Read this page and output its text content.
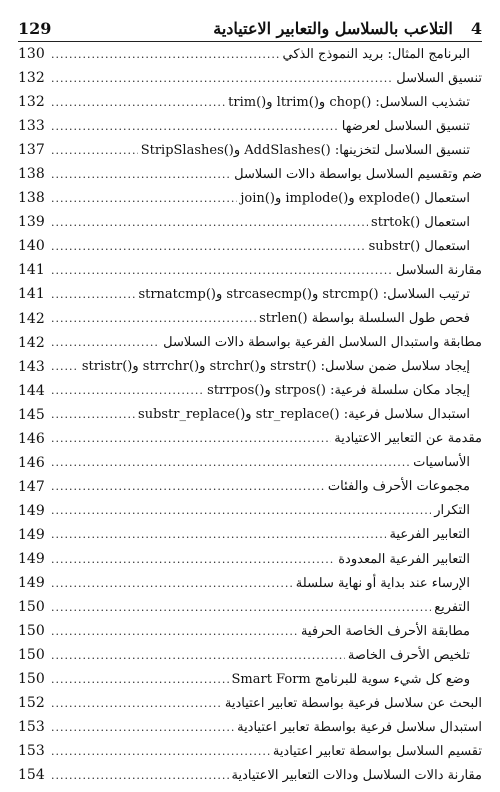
129	4
التلاعب بالسلاسل والتعابير الاعتيادية
البرنامج المثال: بريد النموذج الذكي
.....
130
تنسيق السلاسل
.....
132
تشذيب السلاسل: ()chop و()ltrim و()trim
.....
132
تنسيق السلاسل لعرضها
.....
133
تنسيق السلاسل لتخزينها: ()AddSlashes و()StripSlashes
.....
137
ضم وتقسيم السلاسل بواسطة دالات السلاسل
.....
138
استعمال ()explode و()implode و()join
.....
138
استعمال ()strtok
.....
139
استعمال ()substr
.....
140
مقارنة السلاسل
.....
141
ترتيب السلاسل: ()strcmp و()strcasecmp و()strnatcmp
.....
141
فحص طول السلسلة بواسطة ()strlen
.....
142
مطابقة واستبدال السلاسل الفرعية بواسطة دالات السلاسل
.....
142
إيجاد سلاسل ضمن سلاسل: ()strstr و()strchr و()strrchr و()stristr
.....
143
إيجاد مكان سلسلة فرعية: ()strpos و()strrpos
.....
144
استبدال سلاسل فرعية: ()str_replace و()substr_replace
.....
145
مقدمة عن التعابير الاعتيادية
.....
146
الأساسيات
.....
146
مجموعات الأحرف والفئات
.....
147
التكرار
.....
149
التعابير الفرعية
.....
149
التعابير الفرعية المعدودة
.....
149
الإرساء عند بداية أو نهاية سلسلة
.....
149
التفريع
.....
150
مطابقة الأحرف الخاصة الحرفية
.....
150
تلخيص الأحرف الخاصة
.....
150
وضع كل شيء سوية للبرنامج Smart Form
.....
150
البحث عن سلاسل فرعية بواسطة تعابير اعتيادية
.....
152
استبدال سلاسل فرعية بواسطة تعابير اعتيادية
.....
153
تقسيم السلاسل بواسطة تعابير اعتيادية
.....
153
مقارنة دالات السلاسل ودالات التعابير الاعتيادية
.....
154
